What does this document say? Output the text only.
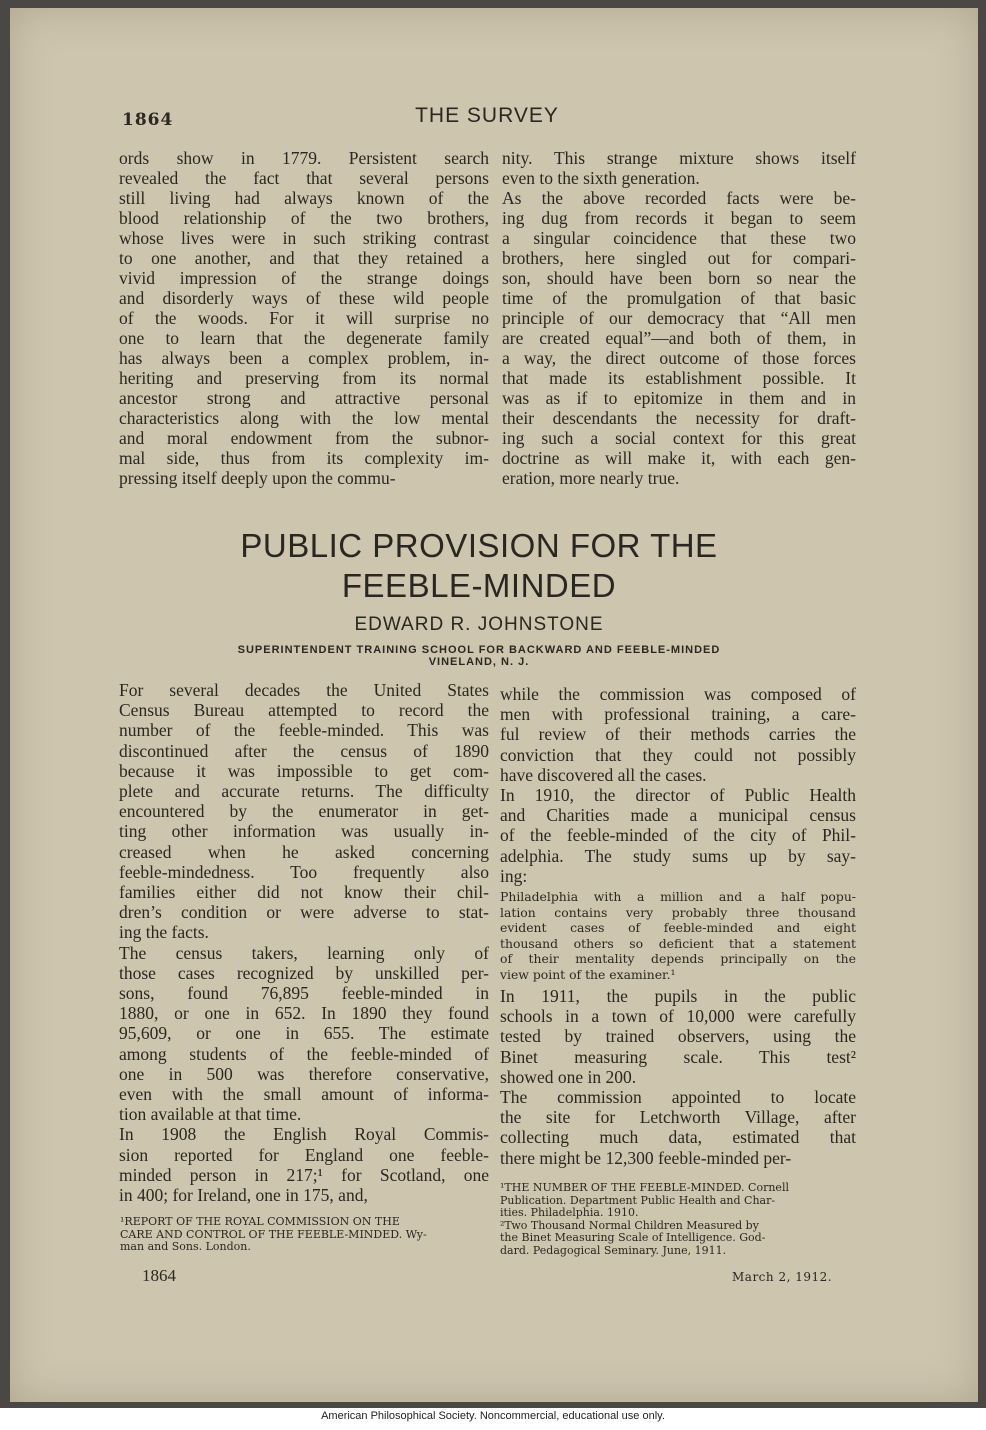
1864	THE SURVEY
ords show in 1779. Persistent search
revealed the fact that several persons
still living had always known of the
blood relationship of the two brothers,
whose lives were in such striking contrast
to one another, and that they retained a
vivid impression of the strange doings
and disorderly ways of these wild people
of the woods. For it will surprise no
one to learn that the degenerate family
has always been a complex problem, in-
heriting and preserving from its normal
ancestor strong and attractive personal
characteristics along with the low mental
and moral endowment from the subnor-
mal side, thus from its complexity im-
pressing itself deeply upon the commu-
nity. This strange mixture shows itself
even to the sixth generation.
As the above recorded facts were be-
ing dug from records it began to seem
a singular coincidence that these two
brothers, here singled out for compari-
son, should have been born so near the
time of the promulgation of that basic
principle of our democracy that “All men
are created equal”—and both of them, in
a way, the direct outcome of those forces
that made its establishment possible. It
was as if to epitomize in them and in
their descendants the necessity for draft-
ing such a social context for this great
doctrine as will make it, with each gen-
eration, more nearly true.
PUBLIC PROVISION FOR THE
FEEBLE-MINDED
EDWARD R. JOHNSTONE
SUPERINTENDENT TRAINING SCHOOL FOR BACKWARD AND FEEBLE-MINDED
VINELAND, N. J.
For several decades the United States
Census Bureau attempted to record the
number of the feeble-minded. This was
discontinued after the census of 1890
because it was impossible to get com-
plete and accurate returns. The difficulty
encountered by the enumerator in get-
ting other information was usually in-
creased when he asked concerning
feeble-mindedness. Too frequently also
families either did not know their chil-
dren’s condition or were adverse to stat-
ing the facts.
The census takers, learning only of
those cases recognized by unskilled per-
sons, found 76,895 feeble-minded in
1880, or one in 652. In 1890 they found
95,609, or one in 655. The estimate
among students of the feeble-minded of
one in 500 was therefore conservative,
even with the small amount of informa-
tion available at that time.
In 1908 the English Royal Commis-
sion reported for England one feeble-
minded person in 217;¹ for Scotland, one
in 400; for Ireland, one in 175, and,
while the commission was composed of
men with professional training, a care-
ful review of their methods carries the
conviction that they could not possibly
have discovered all the cases.
In 1910, the director of Public Health
and Charities made a municipal census
of the feeble-minded of the city of Phil-
adelphia. The study sums up by say-
ing:
Philadelphia with a million and a half popu-
lation contains very probably three thousand
evident cases of feeble-minded and eight
thousand others so deficient that a statement
of their mentality depends principally on the
view point of the examiner.¹
In 1911, the pupils in the public
schools in a town of 10,000 were carefully
tested by trained observers, using the
Binet measuring scale. This test²
showed one in 200.
The commission appointed to locate
the site for Letchworth Village, after
collecting much data, estimated that
there might be 12,300 feeble-minded per-
¹REPORT OF THE ROYAL COMMISSION ON THE
CARE AND CONTROL OF THE FEEBLE-MINDED. Wy-
man and Sons. London.
¹THE NUMBER OF THE FEEBLE-MINDED. Cornell
Publication. Department Public Health and Char-
ities. Philadelphia. 1910.
²Two Thousand Normal Children Measured by
the Binet Measuring Scale of Intelligence. God-
dard. Pedagogical Seminary. June, 1911.
1864	March 2, 1912.
American Philosophical Society. Noncommercial, educational use only.
